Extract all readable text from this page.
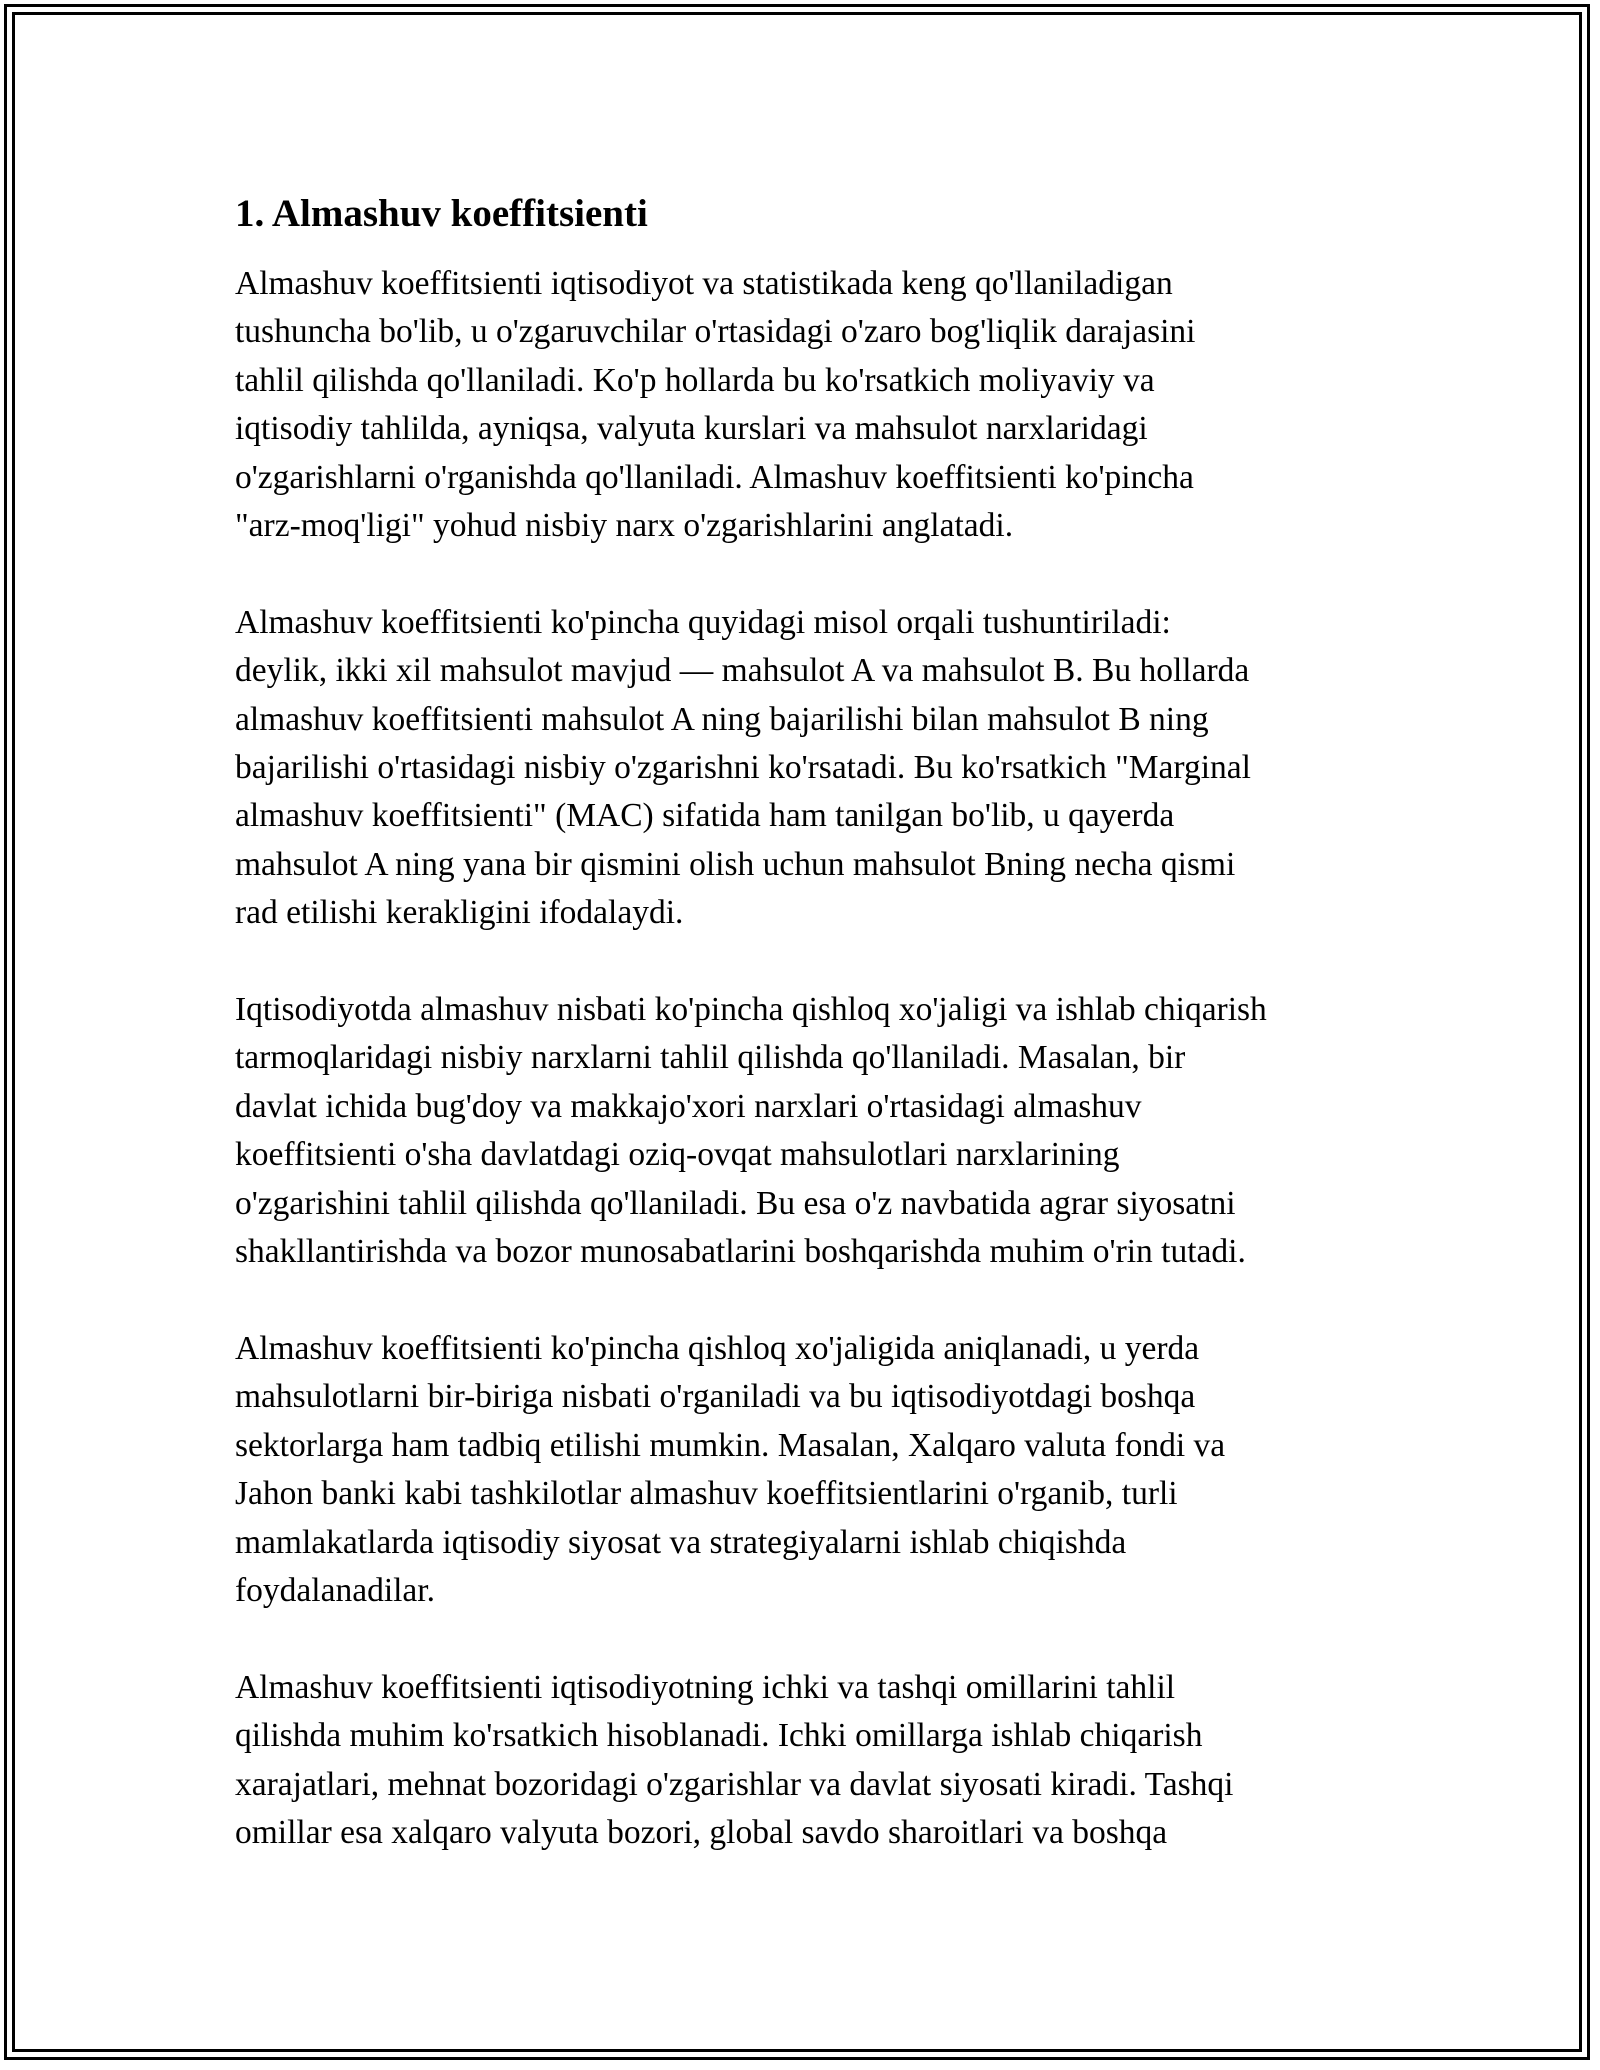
1. Almashuv koeffitsienti

Almashuv koeffitsienti iqtisodiyot va statistikada keng qo'llaniladigan
tushuncha bo'lib, u o'zgaruvchilar o'rtasidagi o'zaro bog'liqlik darajasini
tahlil qilishda qo'llaniladi. Ko'p hollarda bu ko'rsatkich moliyaviy va
iqtisodiy tahlilda, ayniqsa, valyuta kurslari va mahsulot narxlaridagi
o'zgarishlarni o'rganishda qo'llaniladi. Almashuv koeffitsienti ko'pincha
"arz-moq'ligi" yohud nisbiy narx o'zgarishlarini anglatadi.

Almashuv koeffitsienti ko'pincha quyidagi misol orqali tushuntiriladi:
deylik, ikki xil mahsulot mavjud — mahsulot A va mahsulot B. Bu hollarda
almashuv koeffitsienti mahsulot A ning bajarilishi bilan mahsulot B ning
bajarilishi o'rtasidagi nisbiy o'zgarishni ko'rsatadi. Bu ko'rsatkich "Marginal
almashuv koeffitsienti" (MAC) sifatida ham tanilgan bo'lib, u qayerda
mahsulot A ning yana bir qismini olish uchun mahsulot Bning necha qismi
rad etilishi kerakligini ifodalaydi.

Iqtisodiyotda almashuv nisbati ko'pincha qishloq xo'jaligi va ishlab chiqarish
tarmoqlaridagi nisbiy narxlarni tahlil qilishda qo'llaniladi. Masalan, bir
davlat ichida bug'doy va makkajo'xori narxlari o'rtasidagi almashuv
koeffitsienti o'sha davlatdagi oziq-ovqat mahsulotlari narxlarining
o'zgarishini tahlil qilishda qo'llaniladi. Bu esa o'z navbatida agrar siyosatni
shakllantirishda va bozor munosabatlarini boshqarishda muhim o'rin tutadi.

Almashuv koeffitsienti ko'pincha qishloq xo'jaligida aniqlanadi, u yerda
mahsulotlarni bir-biriga nisbati o'rganiladi va bu iqtisodiyotdagi boshqa
sektorlarga ham tadbiq etilishi mumkin. Masalan, Xalqaro valuta fondi va
Jahon banki kabi tashkilotlar almashuv koeffitsientlarini o'rganib, turli
mamlakatlarda iqtisodiy siyosat va strategiyalarni ishlab chiqishda
foydalanadilar.

Almashuv koeffitsienti iqtisodiyotning ichki va tashqi omillarini tahlil
qilishda muhim ko'rsatkich hisoblanadi. Ichki omillarga ishlab chiqarish
xarajatlari, mehnat bozoridagi o'zgarishlar va davlat siyosati kiradi. Tashqi
omillar esa xalqaro valyuta bozori, global savdo sharoitlari va boshqa
